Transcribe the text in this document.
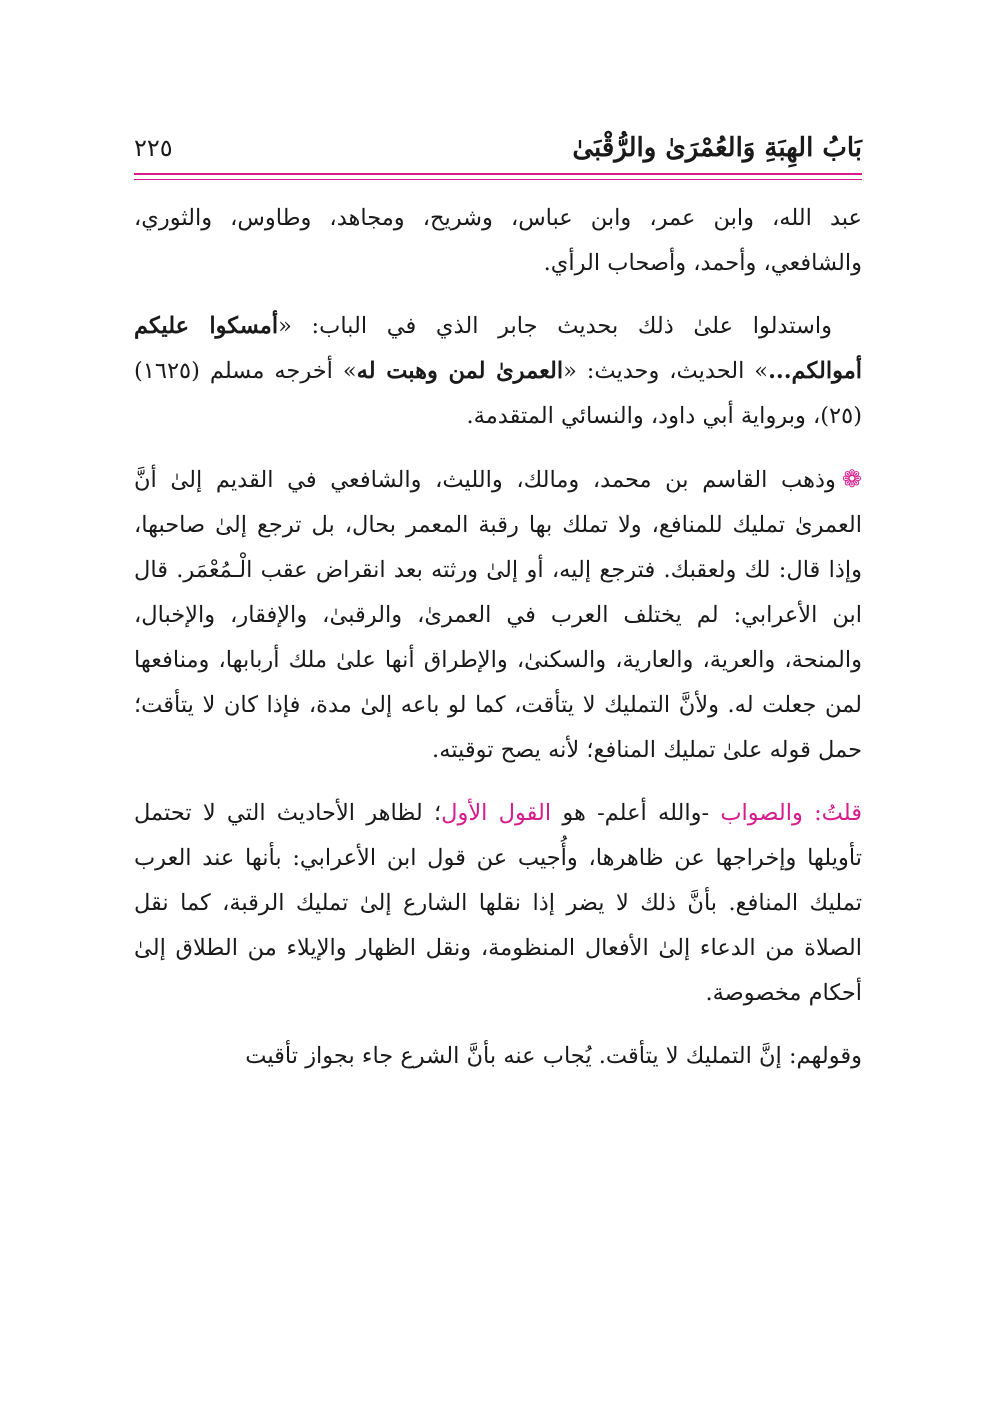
بَابُ الهِبَةِ وَالعُمْرَىٰ والرُّقْبَىٰ
٢٢٥

عبد الله، وابن عمر، وابن عباس، وشريح، ومجاهد، وطاوس، والثوري، والشافعي، وأحمد، وأصحاب الرأي.

واستدلوا علىٰ ذلك بحديث جابر الذي في الباب: «أمسكوا عليكم أموالكم...» الحديث، وحديث: «العمرىٰ لمن وهبت له» أخرجه مسلم (١٦٢٥) (٢٥)، وبرواية أبي داود، والنسائي المتقدمة.

❁وذهب القاسم بن محمد، ومالك، والليث، والشافعي في القديم إلىٰ أنَّ العمرىٰ تمليك للمنافع، ولا تملك بها رقبة المعمر بحال، بل ترجع إلىٰ صاحبها، وإذا قال: لك ولعقبك. فترجع إليه، أو إلىٰ ورثته بعد انقراض عقب الْـمُعْمَر. قال ابن الأعرابي: لم يختلف العرب في العمرىٰ، والرقبىٰ، والإفقار، والإخبال، والمنحة، والعرية، والعارية، والسكنىٰ، والإطراق أنها علىٰ ملك أربابها، ومنافعها لمن جعلت له. ولأنَّ التمليك لا يتأقت، كما لو باعه إلىٰ مدة، فإذا كان لا يتأقت؛ حمل قوله علىٰ تمليك المنافع؛ لأنه يصح توقيته.

قلتُ: والصواب -والله أعلم- هو القول الأول؛ لظاهر الأحاديث التي لا تحتمل تأويلها وإخراجها عن ظاهرها، وأُجيب عن قول ابن الأعرابي: بأنها عند العرب تمليك المنافع. بأنَّ ذلك لا يضر إذا نقلها الشارع إلىٰ تمليك الرقبة، كما نقل الصلاة من الدعاء إلىٰ الأفعال المنظومة، ونقل الظهار والإيلاء من الطلاق إلىٰ أحكام مخصوصة.

وقولهم: إنَّ التمليك لا يتأقت. يُجاب عنه بأنَّ الشرع جاء بجواز تأقيت
